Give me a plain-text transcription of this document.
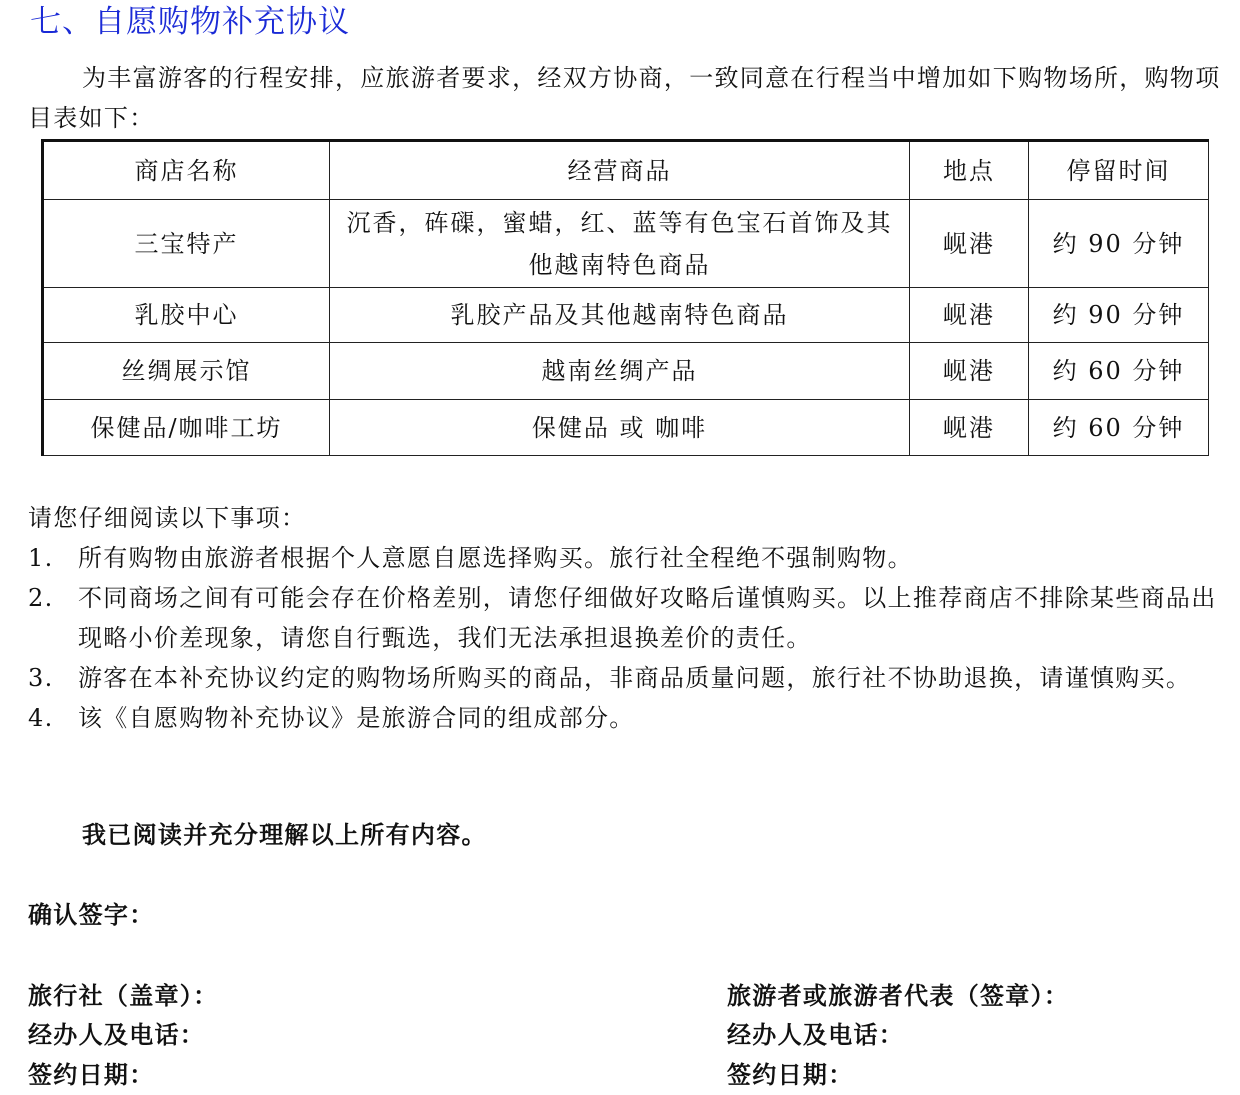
七、自愿购物补充协议

为丰富游客的行程安排，应旅游者要求，经双方协商，一致同意在行程当中增加如下购物场所，购物项目表如下：

商店名称	经营商品	地点	停留时间
三宝特产	沉香，砗磲，蜜蜡，红、蓝等有色宝石首饰及其他越南特色商品	岘港	约 90 分钟
乳胶中心	乳胶产品及其他越南特色商品	岘港	约 90 分钟
丝绸展示馆	越南丝绸产品	岘港	约 60 分钟
保健品/咖啡工坊	保健品 或 咖啡	岘港	约 60 分钟

请您仔细阅读以下事项：

1. 所有购物由旅游者根据个人意愿自愿选择购买。旅行社全程绝不强制购物。
2. 不同商场之间有可能会存在价格差别，请您仔细做好攻略后谨慎购买。以上推荐商店不排除某些商品出现略小价差现象，请您自行甄选，我们无法承担退换差价的责任。
3. 游客在本补充协议约定的购物场所购买的商品，非商品质量问题，旅行社不协助退换，请谨慎购买。
4. 该《自愿购物补充协议》是旅游合同的组成部分。

我已阅读并充分理解以上所有内容。

确认签字：

旅行社（盖章）：

经办人及电话：

签约日期：

旅游者或旅游者代表（签章）：

经办人及电话：

签约日期：
